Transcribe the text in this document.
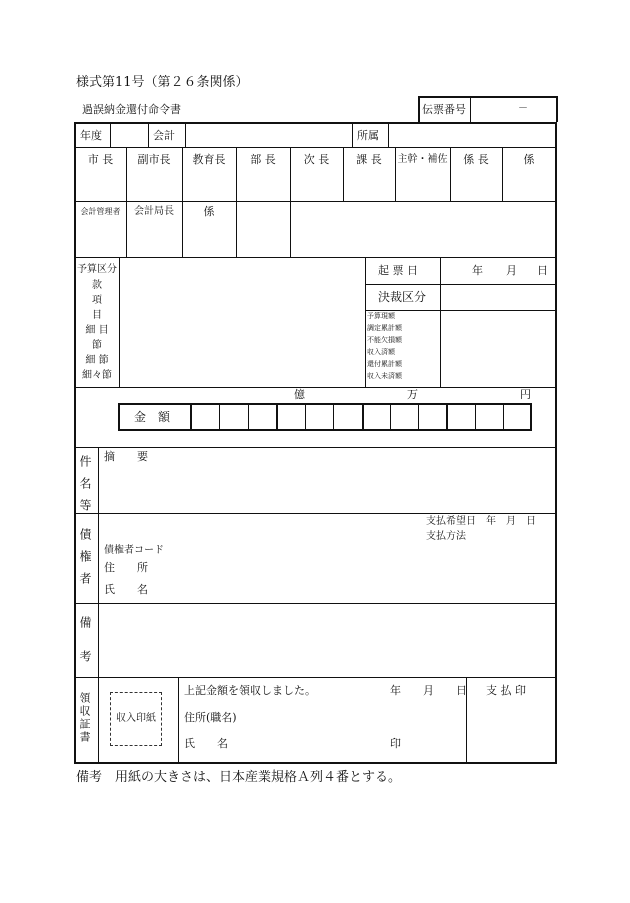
様式第11号（第２６条関係）
過誤納金還付命令書	伝票番号	－
年度	会計	所属
市 長	副市長	教育長	部 長	次 長	課 長	主幹・補佐	係 長	係
会計管理者	会計局長	係
予算区分
款
項
目
細 目
節
細 節
細々節
起 票 日	年 月 日
決裁区分
予算現額
調定累計額
不能欠損額
収入済額
還付累計額
収入未済額
億	万	円
金　額
件名等 摘　　要
債権者 債権者コード
住　　所
氏　　名
支払希望日　年　月　日
支払方法
備考
領収証書	収入印紙
上記金額を領収しました。	年　　月　　日
住所(職名)
氏　　名	印
支 払 印
備考　用紙の大きさは、日本産業規格Ａ列４番とする。
